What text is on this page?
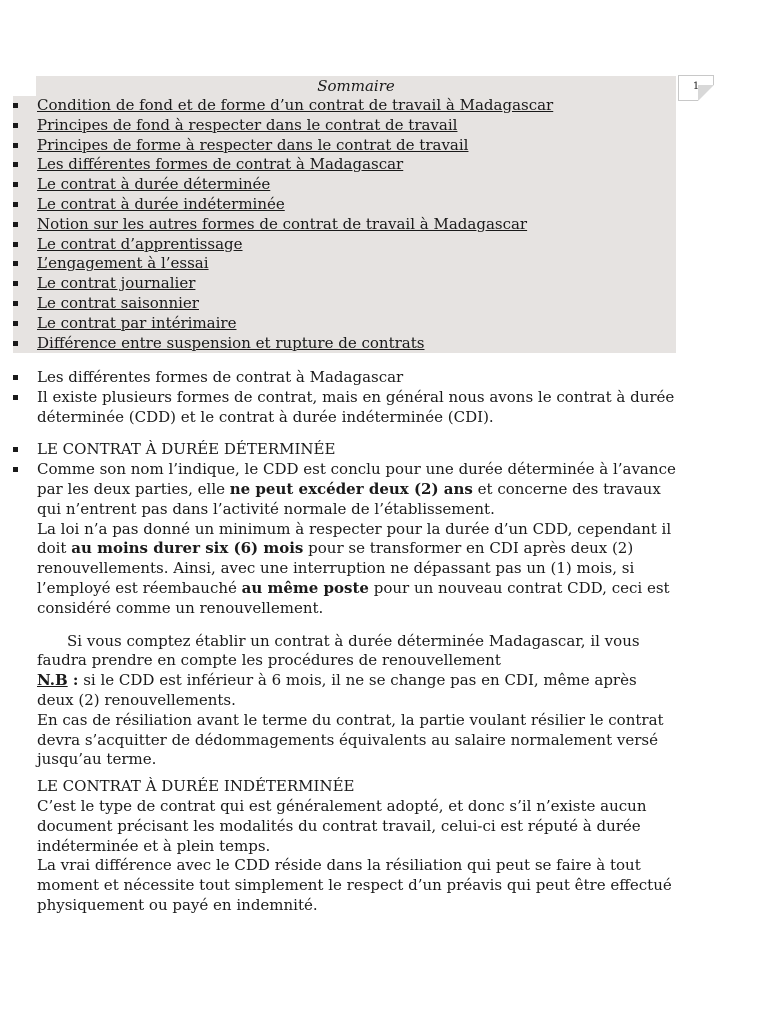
1
Sommaire
Condition de fond et de forme d’un contrat de travail à Madagascar
Principes de fond à respecter dans le contrat de travail
Principes de forme à respecter dans le contrat de travail
Les différentes formes de contrat à Madagascar
Le contrat à durée déterminée
Le contrat à durée indéterminée
Notion sur les autres formes de contrat de travail à Madagascar
Le contrat d’apprentissage
L’engagement à l’essai
Le contrat journalier
Le contrat saisonnier
Le contrat par intérimaire
Différence entre suspension et rupture de contrats

Les différentes formes de contrat à Madagascar

Il existe plusieurs formes de contrat, mais en général nous avons le contrat à durée déterminée (CDD) et le contrat à durée indéterminée (CDI).

LE CONTRAT À DURÉE DÉTERMINÉE

Comme son nom l’indique, le CDD est conclu pour une durée déterminée à l’avance par les deux parties, elle ne peut excéder deux (2) ans et concerne des travaux qui n’entrent pas dans l’activité normale de l’établissement.

La loi n’a pas donné un minimum à respecter pour la durée d’un CDD, cependant il doit au moins durer six (6) mois pour se transformer en CDI après deux (2) renouvellements. Ainsi, avec une interruption ne dépassant pas un (1) mois, si l’employé est réembauché au même poste pour un nouveau contrat CDD, ceci est considéré comme un renouvellement.

Si vous comptez établir un contrat à durée déterminée Madagascar, il vous faudra prendre en compte les procédures de renouvellement

N.B : si le CDD est inférieur à 6 mois, il ne se change pas en CDI, même après deux (2) renouvellements.

En cas de résiliation avant le terme du contrat, la partie voulant résilier le contrat devra s’acquitter de dédommagements équivalents au salaire normalement versé jusqu’au terme.

LE CONTRAT À DURÉE INDÉTERMINÉE

C’est le type de contrat qui est généralement adopté, et donc s’il n’existe aucun document précisant les modalités du contrat travail, celui-ci est réputé à durée indéterminée et à plein temps.

La vrai différence avec le CDD réside dans la résiliation qui peut se faire à tout moment et nécessite tout simplement le respect d’un préavis qui peut être effectué physiquement ou payé en indemnité.
